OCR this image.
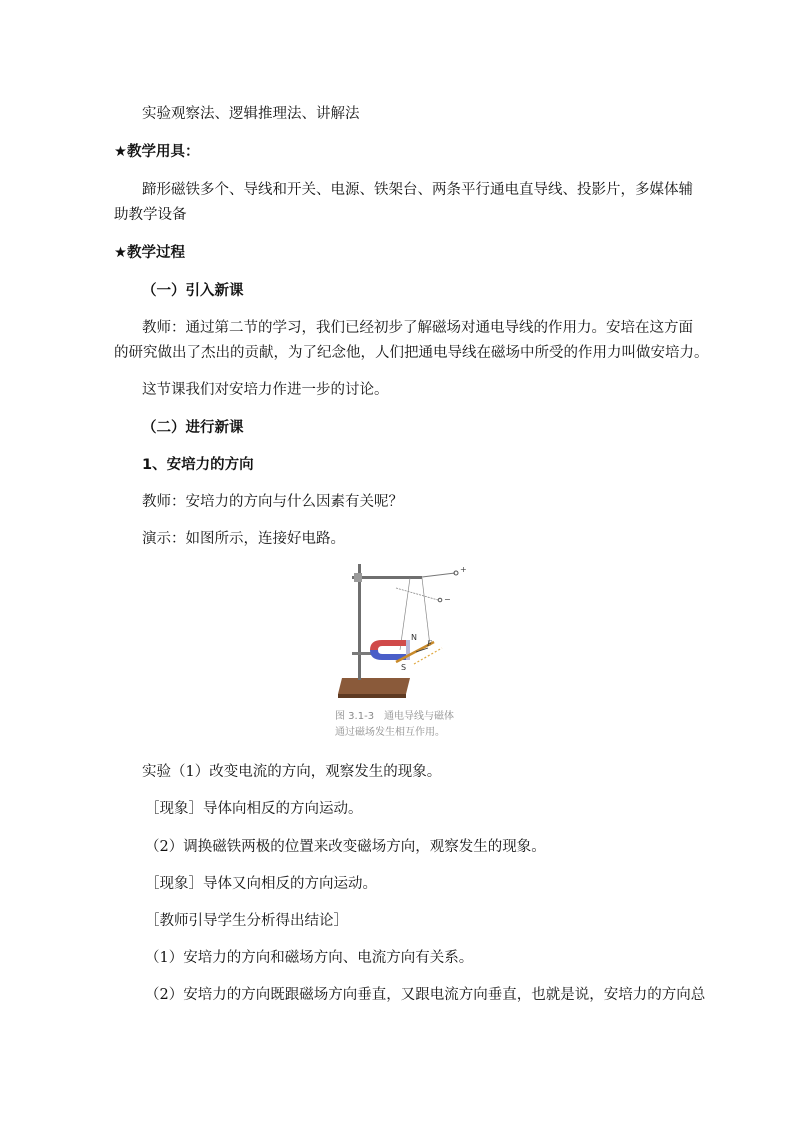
实验观察法、逻辑推理法、讲解法
★教学用具：
蹄形磁铁多个、导线和开关、电源、铁架台、两条平行通电直导线、投影片，多媒体辅
助教学设备
★教学过程
（一）引入新课
教师：通过第二节的学习，我们已经初步了解磁场对通电导线的作用力。安培在这方面
的研究做出了杰出的贡献，为了纪念他，人们把通电导线在磁场中所受的作用力叫做安培力。
这节课我们对安培力作进一步的讨论。
（二）进行新课
1、安培力的方向
教师：安培力的方向与什么因素有关呢？
演示：如图所示，连接好电路。
+
−
N
S
F
图 3.1-3　通电导线与磁体
通过磁场发生相互作用。
实验（1）改变电流的方向，观察发生的现象。
［现象］导体向相反的方向运动。
（2）调换磁铁两极的位置来改变磁场方向，观察发生的现象。
［现象］导体又向相反的方向运动。
［教师引导学生分析得出结论］
（1）安培力的方向和磁场方向、电流方向有关系。
（2）安培力的方向既跟磁场方向垂直，又跟电流方向垂直，也就是说，安培力的方向总
